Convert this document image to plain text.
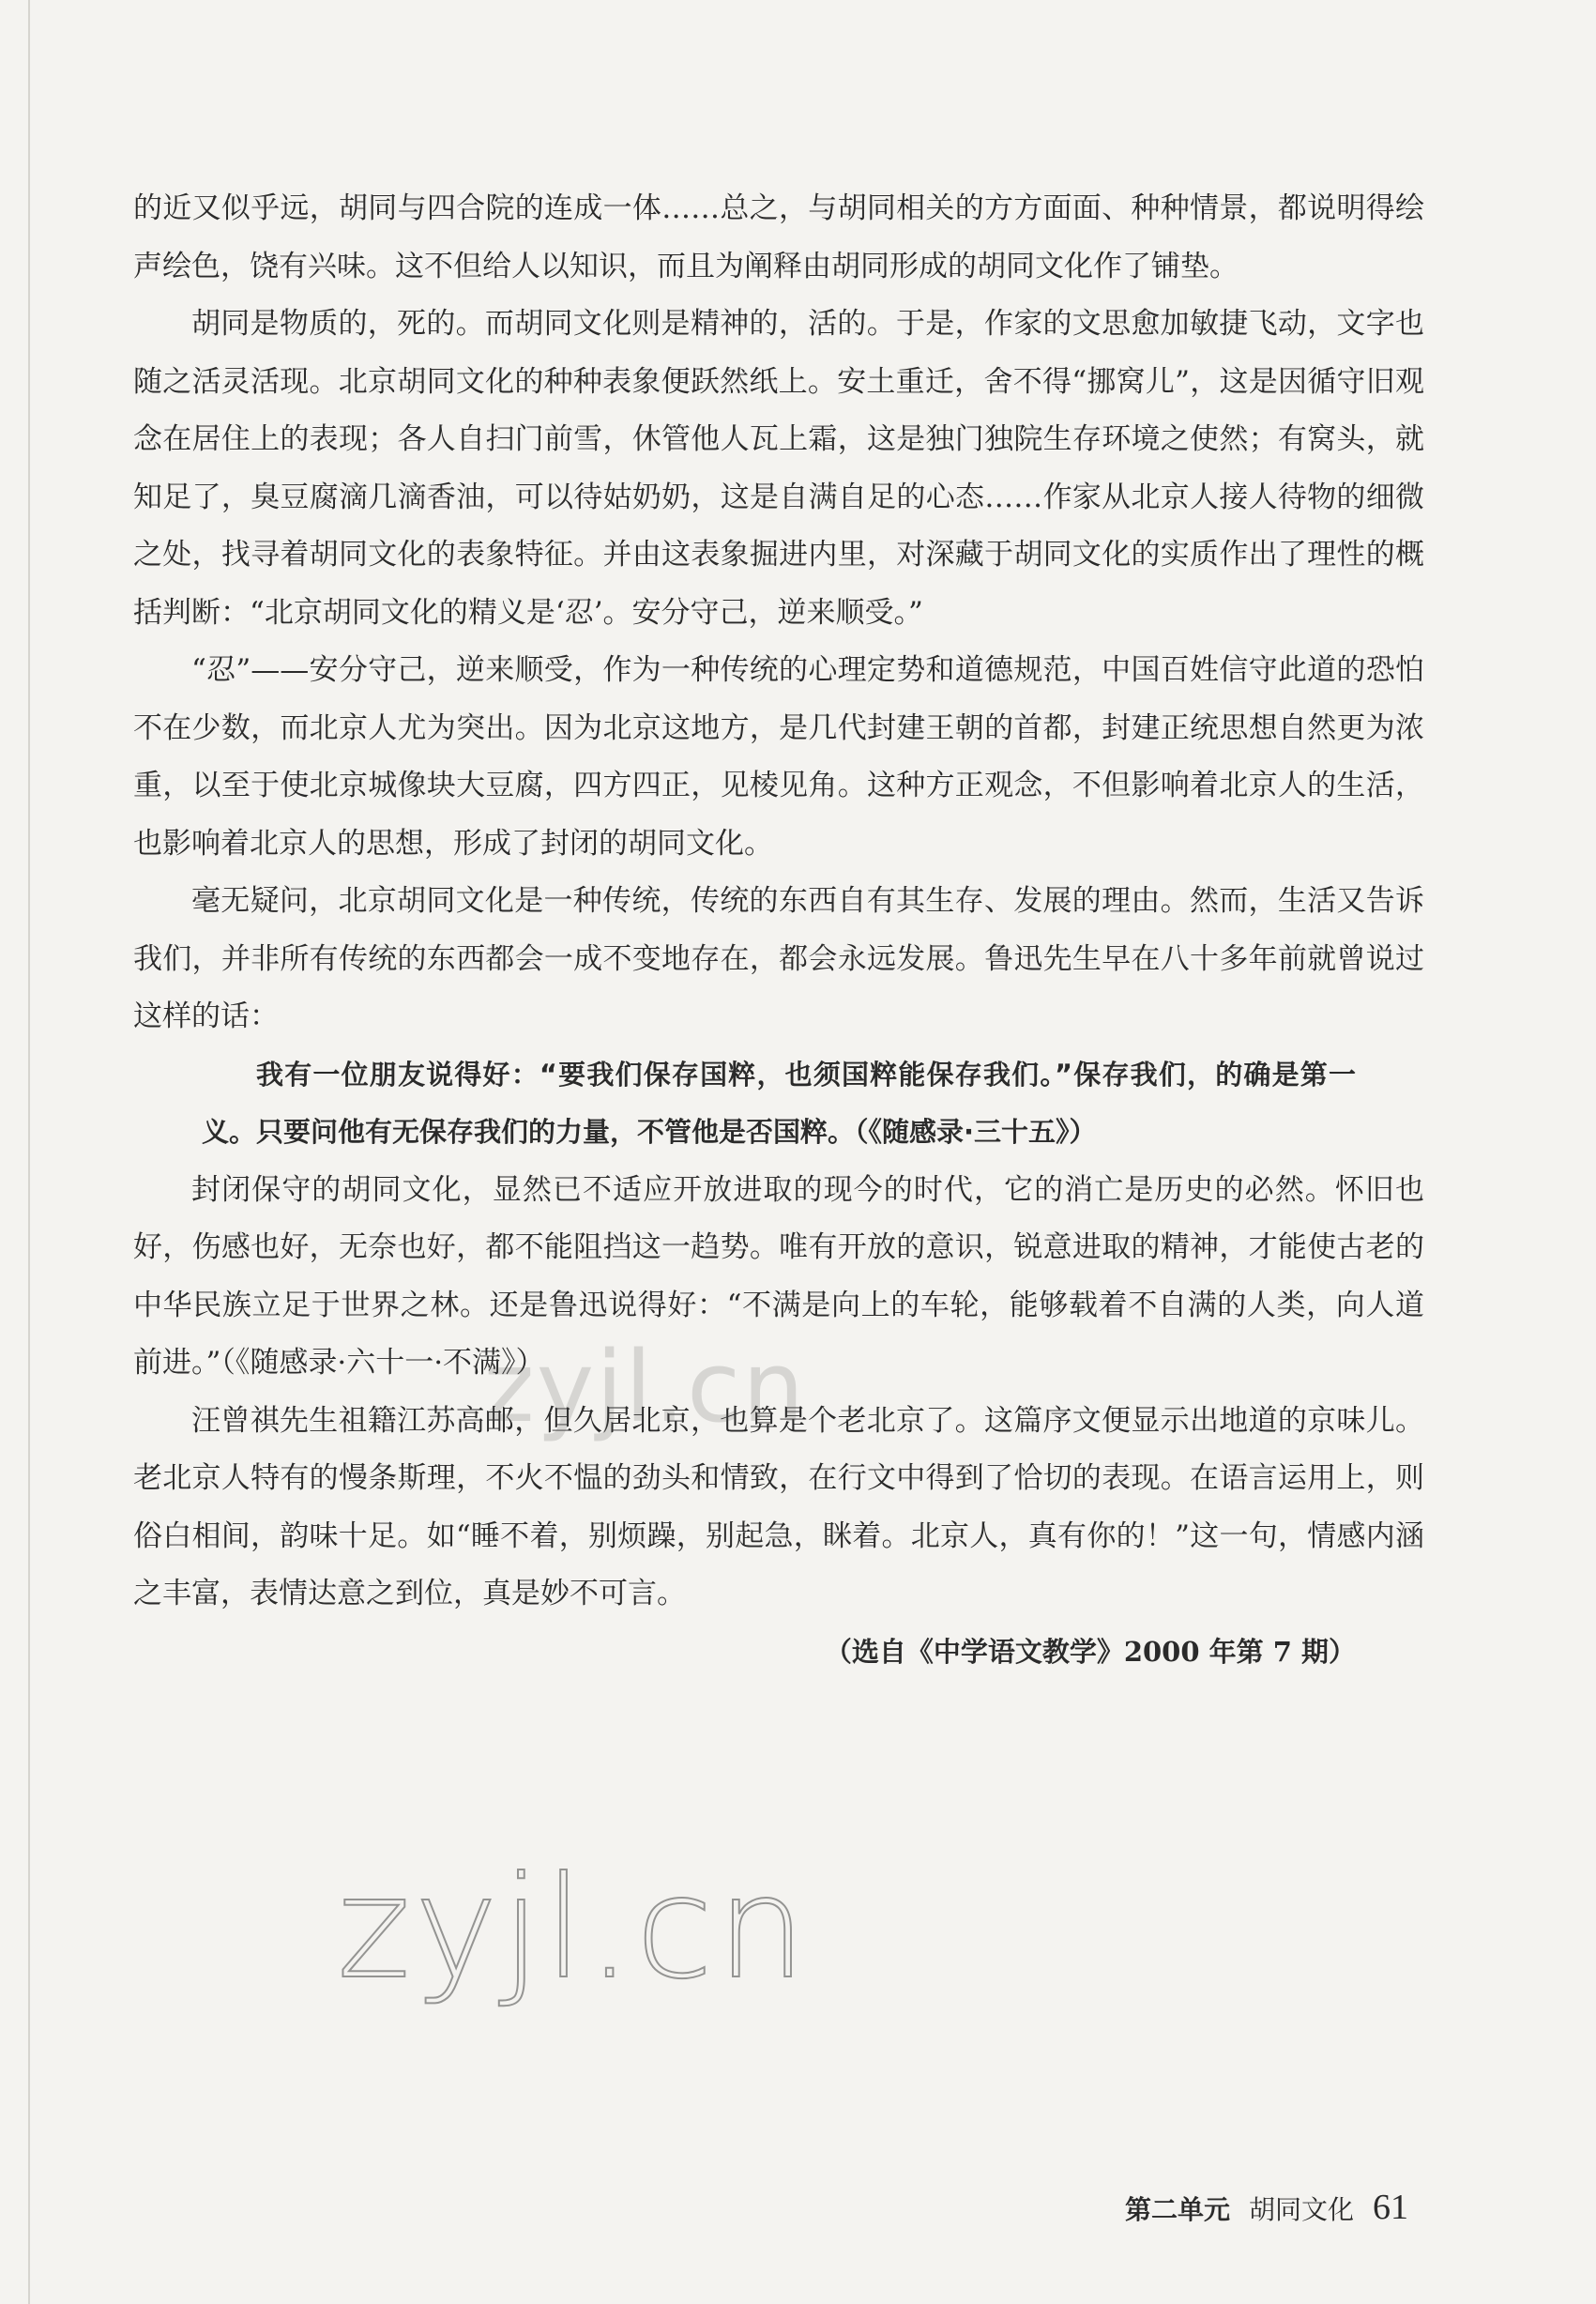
的近又似乎远，胡同与四合院的连成一体……总之，与胡同相关的方方面面、种种情景，都说明得绘声绘色，饶有兴味。这不但给人以知识，而且为阐释由胡同形成的胡同文化作了铺垫。

胡同是物质的，死的。而胡同文化则是精神的，活的。于是，作家的文思愈加敏捷飞动，文字也随之活灵活现。北京胡同文化的种种表象便跃然纸上。安土重迁，舍不得“挪窝儿”，这是因循守旧观念在居住上的表现；各人自扫门前雪，休管他人瓦上霜，这是独门独院生存环境之使然；有窝头，就知足了，臭豆腐滴几滴香油，可以待姑奶奶，这是自满自足的心态……作家从北京人接人待物的细微之处，找寻着胡同文化的表象特征。并由这表象掘进内里，对深藏于胡同文化的实质作出了理性的概括判断：“北京胡同文化的精义是‘忍’。安分守己，逆来顺受。”

“忍”——安分守己，逆来顺受，作为一种传统的心理定势和道德规范，中国百姓信守此道的恐怕不在少数，而北京人尤为突出。因为北京这地方，是几代封建王朝的首都，封建正统思想自然更为浓重，以至于使北京城像块大豆腐，四方四正，见棱见角。这种方正观念，不但影响着北京人的生活，也影响着北京人的思想，形成了封闭的胡同文化。

毫无疑问，北京胡同文化是一种传统，传统的东西自有其生存、发展的理由。然而，生活又告诉我们，并非所有传统的东西都会一成不变地存在，都会永远发展。鲁迅先生早在八十多年前就曾说过这样的话：

我有一位朋友说得好：“要我们保存国粹，也须国粹能保存我们。”保存我们，的确是第一义。只要问他有无保存我们的力量，不管他是否国粹。（《随感录·三十五》）

封闭保守的胡同文化，显然已不适应开放进取的现今的时代，它的消亡是历史的必然。怀旧也好，伤感也好，无奈也好，都不能阻挡这一趋势。唯有开放的意识，锐意进取的精神，才能使古老的中华民族立足于世界之林。还是鲁迅说得好：“不满是向上的车轮，能够载着不自满的人类，向人道前进。”（《随感录·六十一·不满》）

汪曾祺先生祖籍江苏高邮，但久居北京，也算是个老北京了。这篇序文便显示出地道的京味儿。老北京人特有的慢条斯理，不火不愠的劲头和情致，在行文中得到了恰切的表现。在语言运用上，则俗白相间，韵味十足。如“睡不着，别烦躁，别起急，眯着。北京人，真有你的！”这一句，情感内涵之丰富，表情达意之到位，真是妙不可言。

（选自《中学语文教学》2000 年第 7 期）

zyjl.cn
zyjl.cn
第二单元 胡同文化 61
